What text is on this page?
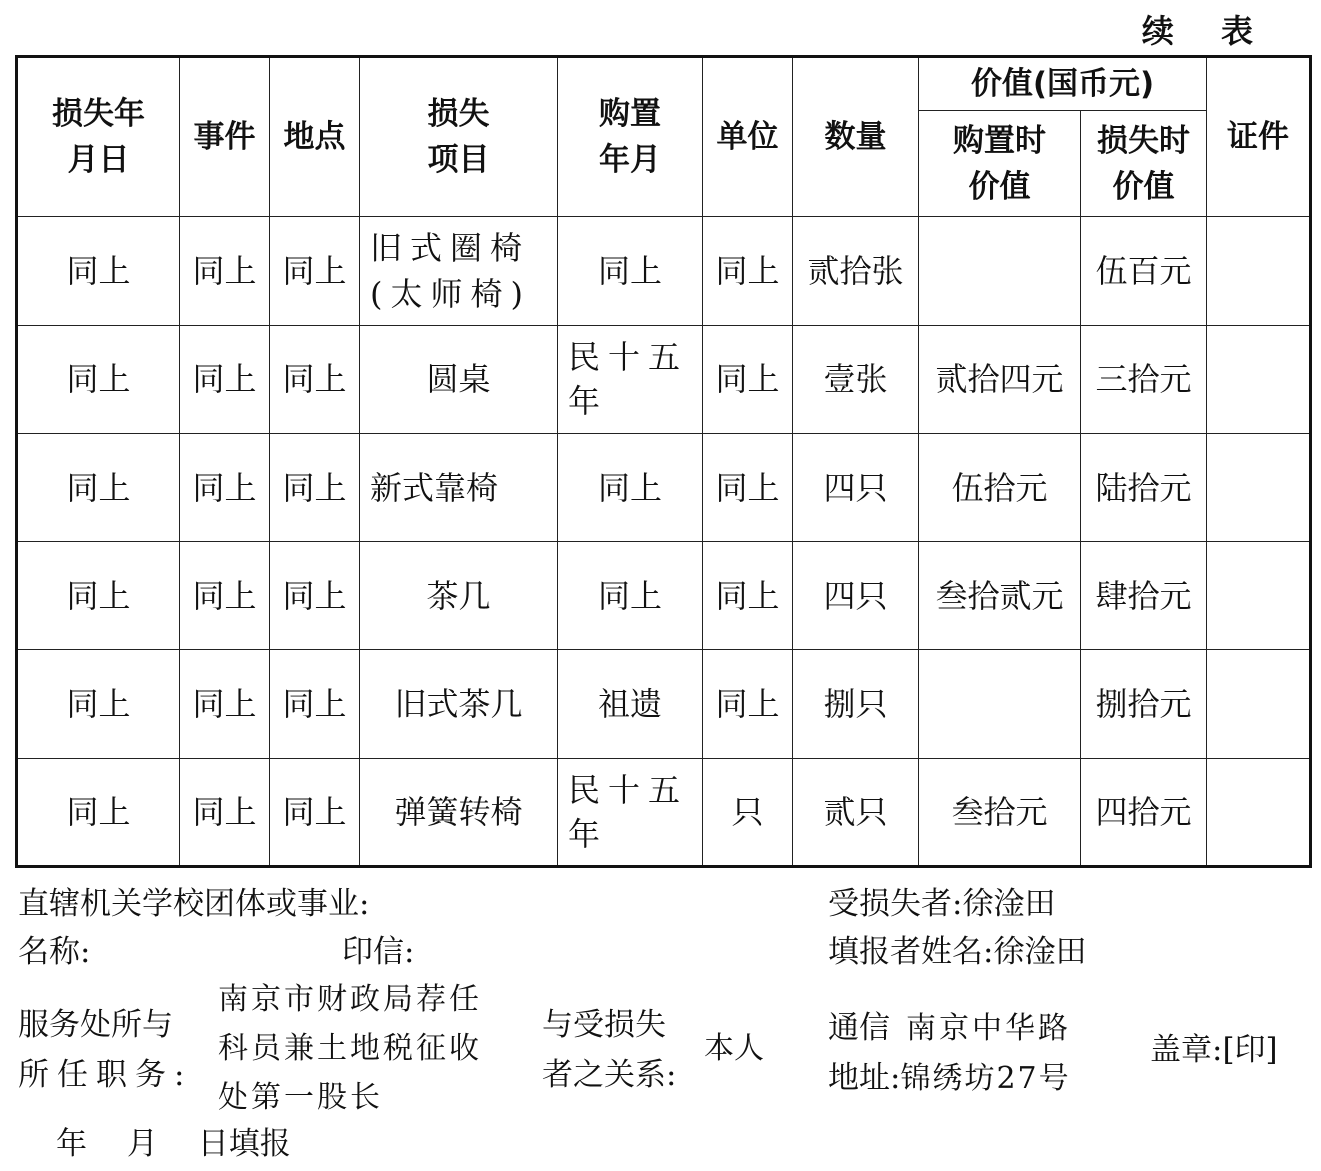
续 表
损失年月日	事件	地点	损失项目	购置年月	单位	数量	价值(国币元)		证件

							购置时价值	损失时价值	

同上	同上	同上	旧式圈椅(太师椅)	同上	同上	贰拾张		伍百元	
同上	同上	同上	圆桌	民十五年	同上	壹张	贰拾四元	三拾元	
同上	同上	同上	新式靠椅	同上	同上	四只	伍拾元	陆拾元	
同上	同上	同上	茶几	同上	同上	四只	叁拾贰元	肆拾元	
同上	同上	同上	旧式茶几	祖遗	同上	捌只		捌拾元	
同上	同上	同上	弹簧转椅	民十五年	只	贰只	叁拾元	四拾元	
直辖机关学校团体或事业:
名称:	印信:
受损失者:徐淦田
填报者姓名:徐淦田
服务处所与
所任职务:
南京市财政局荐任
科员兼土地税征收
处第一股长
与受损失
者之关系:
本人
通信 南京中华路
地址:锦绣坊27号
盖章:[印]
年 月 日填报
